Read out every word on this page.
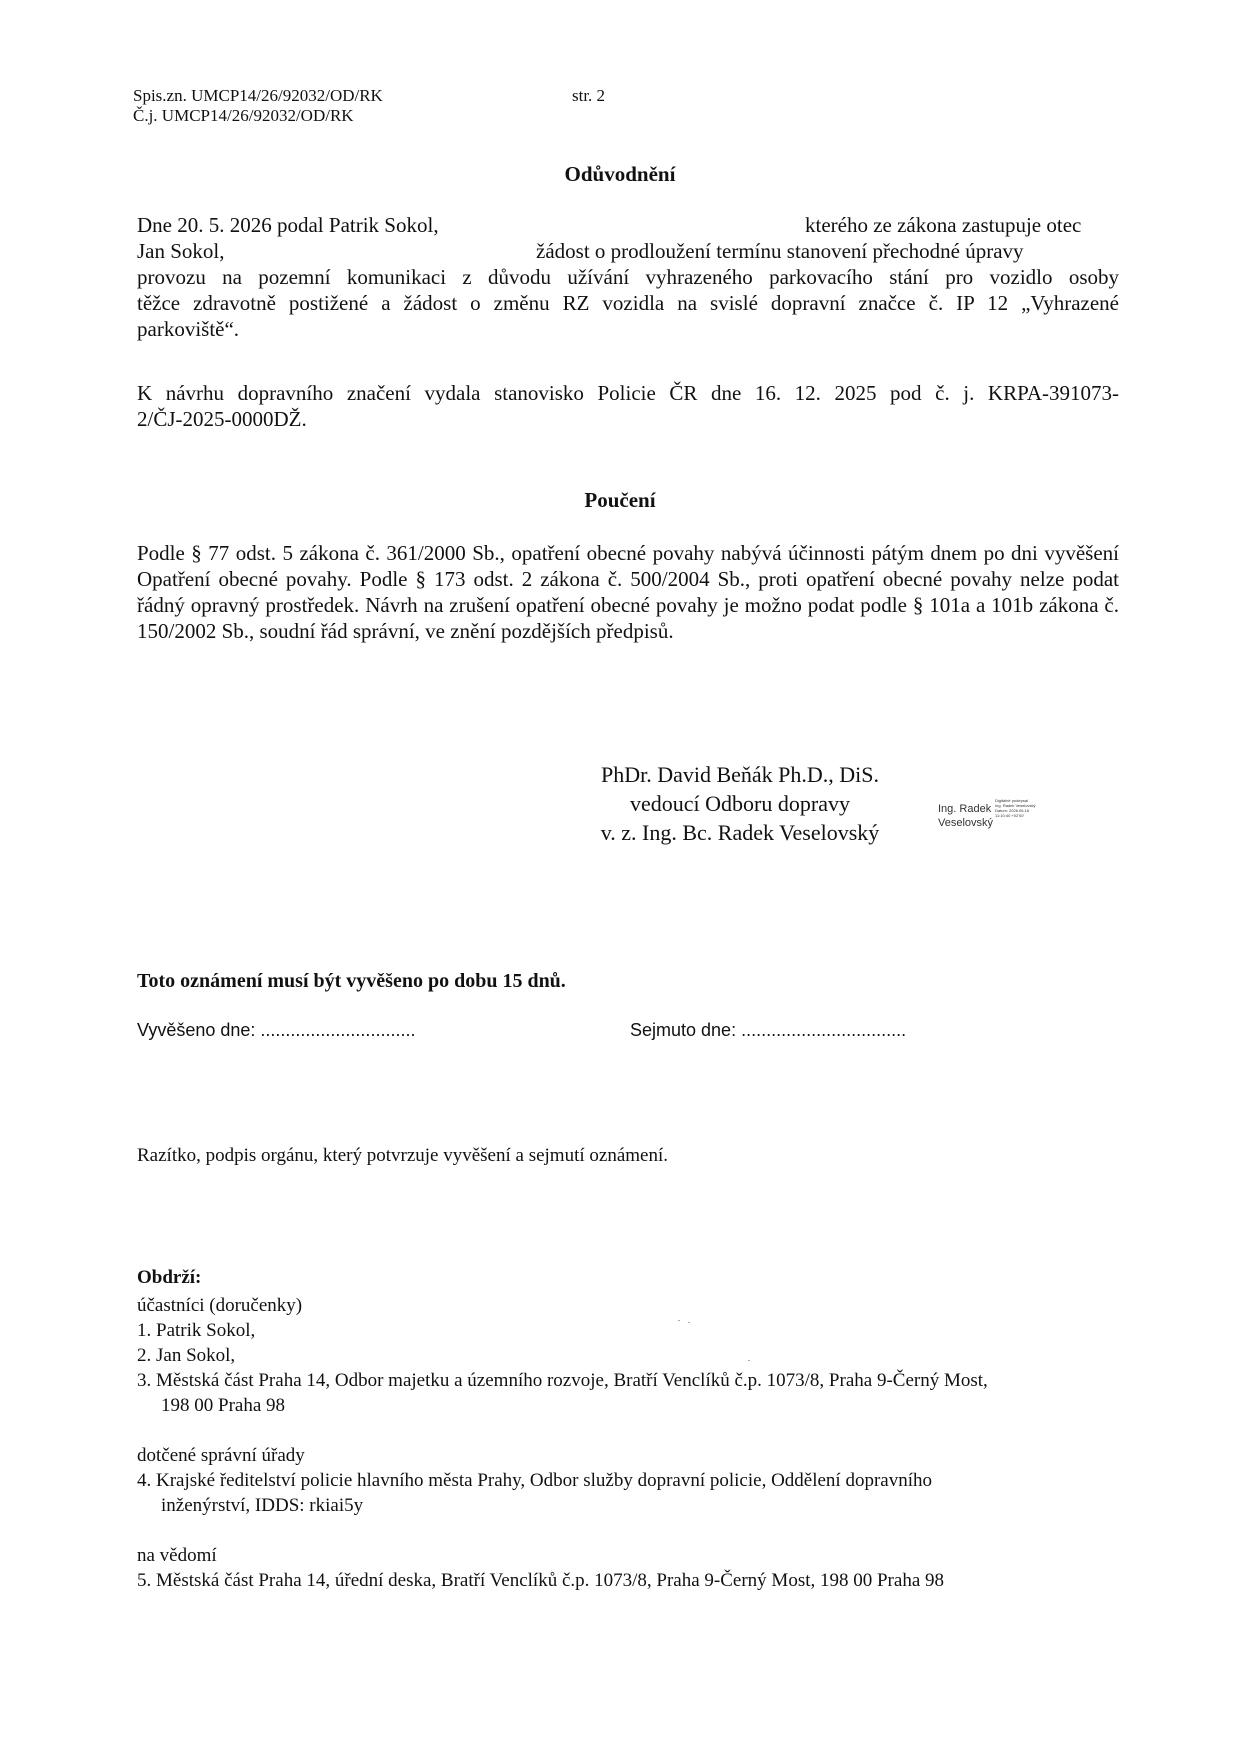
Spis.zn. UMCP14/26/92032/OD/RK
Č.j. UMCP14/26/92032/OD/RK
str. 2
Odůvodnění
Dne 20. 5. 2026 podal Patrik Sokol,	kterého ze zákona zastupuje otec
Jan Sokol,	žádost o prodloužení termínu stanovení přechodné úpravy
provozu na pozemní komunikaci z důvodu užívání vyhrazeného parkovacího stání pro vozidlo osoby
těžce zdravotně postižené a žádost o změnu RZ vozidla na svislé dopravní značce č. IP 12 „Vyhrazené
parkoviště“.
K návrhu dopravního značení vydala stanovisko Policie ČR dne 16. 12. 2025 pod č. j. KRPA-391073-
2/ČJ-2025-0000DŽ.
Poučení
Podle § 77 odst. 5 zákona č. 361/2000 Sb., opatření obecné povahy nabývá účinnosti pátým dnem po dni vyvěšení Opatření obecné povahy. Podle § 173 odst. 2 zákona č. 500/2004 Sb., proti opatření obecné povahy nelze podat řádný opravný prostředek. Návrh na zrušení opatření obecné povahy je možno podat podle § 101a a 101b zákona č. 150/2002 Sb., soudní řád správní, ve znění pozdějších předpisů.
PhDr. David Beňák Ph.D., DiS.
vedoucí Odboru dopravy
v. z. Ing. Bc. Radek Veselovský
Ing. Radek
Veselovský
Digitálně podepsal
Ing. Radek Veselovský
Datum: 2026.06.16
11:10:40 +02'00'
Toto oznámení musí být vyvěšeno po dobu 15 dnů.
Vyvěšeno dne: ...............................	Sejmuto dne: .................................
Razítko, podpis orgánu, který potvrzuje vyvěšení a sejmutí oznámení.
Obdrží:
účastníci (doručenky)
1. Patrik Sokol,
2. Jan Sokol,
3. Městská část Praha 14, Odbor majetku a územního rozvoje, Bratří Venclíků č.p. 1073/8, Praha 9-Černý Most,
198 00 Praha 98
dotčené správní úřady
4. Krajské ředitelství policie hlavního města Prahy, Odbor služby dopravní policie, Oddělení dopravního
inženýrství, IDDS: rkiai5y
na vědomí
5. Městská část Praha 14, úřední deska, Bratří Venclíků č.p. 1073/8, Praha 9-Černý Most, 198 00 Praha 98
